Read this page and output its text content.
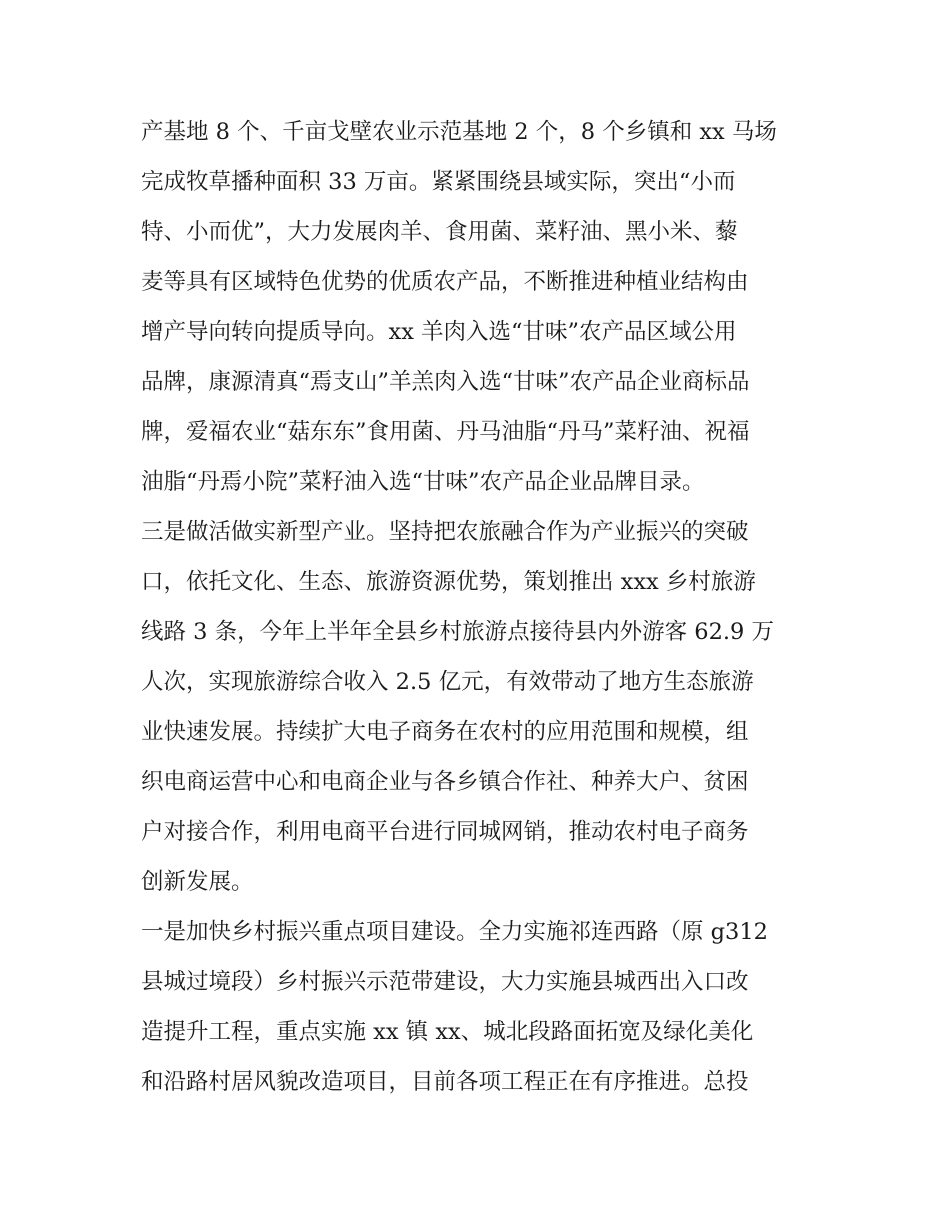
产基地 8 个、千亩戈壁农业示范基地 2 个，8 个乡镇和 xx 马场
完成牧草播种面积 33 万亩。紧紧围绕县域实际，突出“小而
特、小而优”，大力发展肉羊、食用菌、菜籽油、黑小米、藜
麦等具有区域特色优势的优质农产品，不断推进种植业结构由
增产导向转向提质导向。xx 羊肉入选“甘味”农产品区域公用
品牌，康源清真“焉支山”羊羔肉入选“甘味”农产品企业商标品
牌，爱福农业“菇东东”食用菌、丹马油脂“丹马”菜籽油、祝福
油脂“丹焉小院”菜籽油入选“甘味”农产品企业品牌目录。
三是做活做实新型产业。坚持把农旅融合作为产业振兴的突破
口，依托文化、生态、旅游资源优势，策划推出 xxx 乡村旅游
线路 3 条，今年上半年全县乡村旅游点接待县内外游客 62.9 万
人次，实现旅游综合收入 2.5 亿元，有效带动了地方生态旅游
业快速发展。持续扩大电子商务在农村的应用范围和规模，组
织电商运营中心和电商企业与各乡镇合作社、种养大户、贫困
户对接合作，利用电商平台进行同城网销，推动农村电子商务
创新发展。
一是加快乡村振兴重点项目建设。全力实施祁连西路（原 g312
县城过境段）乡村振兴示范带建设，大力实施县城西出入口改
造提升工程，重点实施 xx 镇 xx、城北段路面拓宽及绿化美化
和沿路村居风貌改造项目，目前各项工程正在有序推进。总投
